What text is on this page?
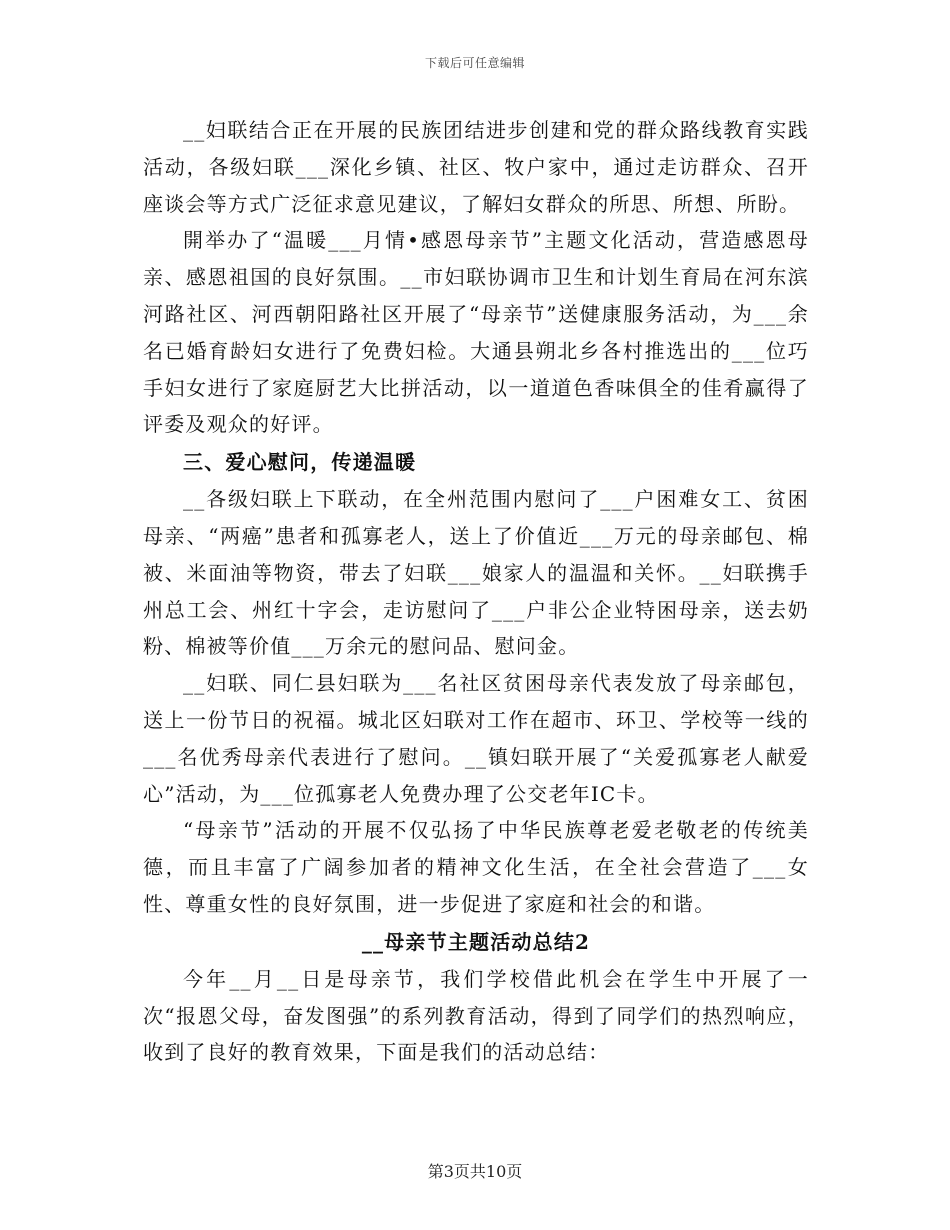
下载后可任意编辑

__妇联结合正在开展的民族团结进步创建和党的群众路线教育实践活动，各级妇联___深化乡镇、社区、牧户家中，通过走访群众、召开座谈会等方式广泛征求意见建议，了解妇女群众的所思、所想、所盼。

開举办了“温暖___月情•感恩母亲节”主题文化活动，营造感恩母亲、感恩祖国的良好氛围。__市妇联协调市卫生和计划生育局在河东滨河路社区、河西朝阳路社区开展了“母亲节”送健康服务活动，为___余名已婚育龄妇女进行了免费妇检。大通县朔北乡各村推选出的___位巧手妇女进行了家庭厨艺大比拼活动，以一道道色香味俱全的佳肴赢得了评委及观众的好评。

三、爱心慰问，传递温暖

__各级妇联上下联动，在全州范围内慰问了___户困难女工、贫困母亲、“两癌”患者和孤寡老人，送上了价值近___万元的母亲邮包、棉被、米面油等物资，带去了妇联___娘家人的温温和关怀。__妇联携手州总工会、州红十字会，走访慰问了___户非公企业特困母亲，送去奶粉、棉被等价值___万余元的慰问品、慰问金。

__妇联、同仁县妇联为___名社区贫困母亲代表发放了母亲邮包，送上一份节日的祝福。城北区妇联对工作在超市、环卫、学校等一线的___名优秀母亲代表进行了慰问。__镇妇联开展了“关爱孤寡老人献爱心”活动，为___位孤寡老人免费办理了公交老年IC卡。

“母亲节”活动的开展不仅弘扬了中华民族尊老爱老敬老的传统美德，而且丰富了广阔参加者的精神文化生活，在全社会营造了___女性、尊重女性的良好氛围，进一步促进了家庭和社会的和谐。

__母亲节主题活动总结2

今年__月__日是母亲节，我们学校借此机会在学生中开展了一次“报恩父母，奋发图强”的系列教育活动，得到了同学们的热烈响应，收到了良好的教育效果，下面是我们的活动总结：

第3页共10页
